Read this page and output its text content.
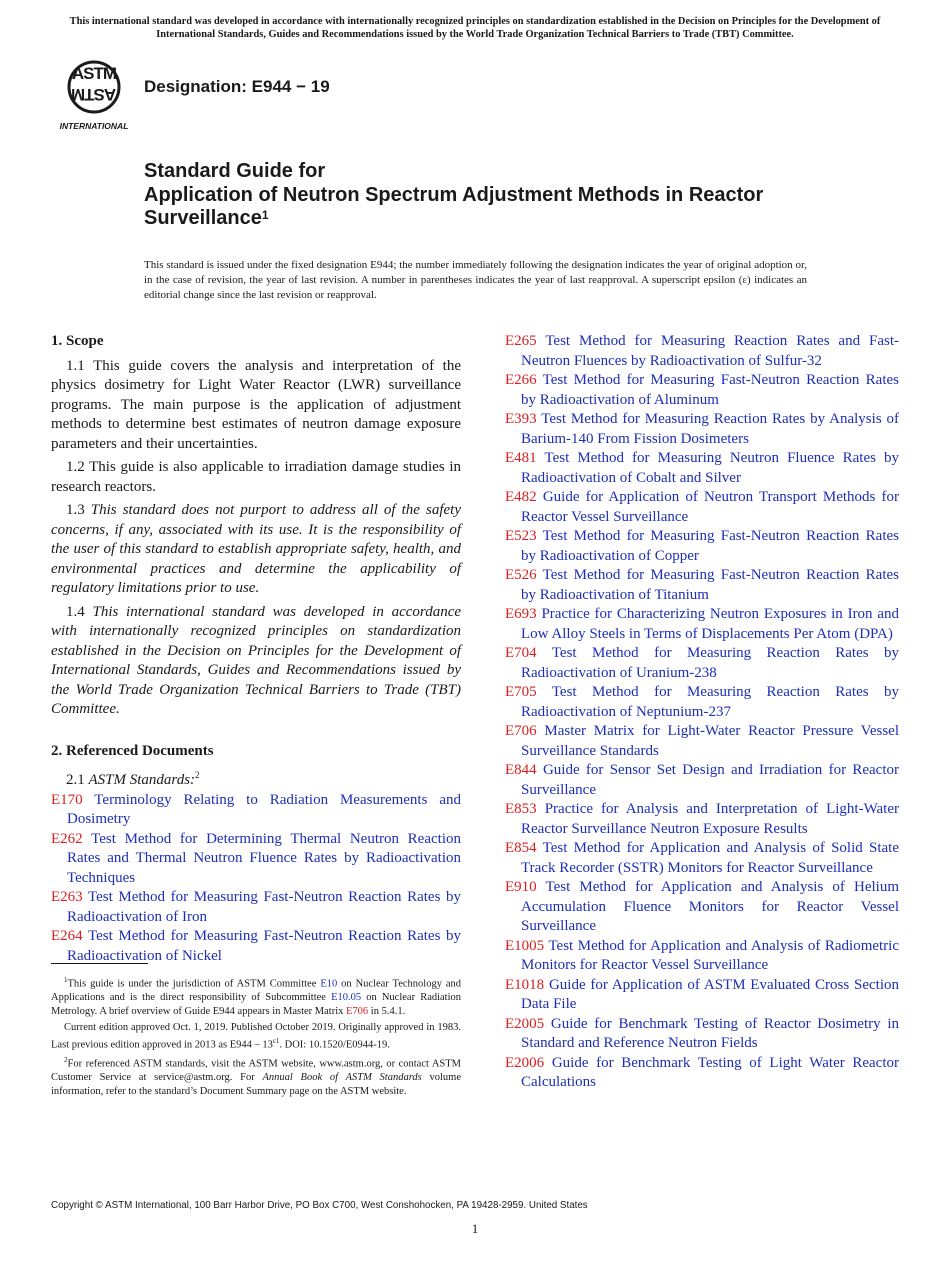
This international standard was developed in accordance with internationally recognized principles on standardization established in the Decision on Principles for the Development of International Standards, Guides and Recommendations issued by the World Trade Organization Technical Barriers to Trade (TBT) Committee.
ASTM
ASTM
INTERNATIONAL
Designation: E944 − 19
Standard Guide for
Application of Neutron Spectrum Adjustment Methods in Reactor Surveillance$^1$
This standard is issued under the fixed designation E944; the number immediately following the designation indicates the year of original adoption or, in the case of revision, the year of last revision. A number in parentheses indicates the year of last reapproval. A superscript epsilon (ε) indicates an editorial change since the last revision or reapproval.
1. Scope

1.1 This guide covers the analysis and interpretation of the physics dosimetry for Light Water Reactor (LWR) surveillance programs. The main purpose is the application of adjustment methods to determine best estimates of neutron damage exposure parameters and their uncertainties.

1.2 This guide is also applicable to irradiation damage studies in research reactors.

1.3 This standard does not purport to address all of the safety concerns, if any, associated with its use. It is the responsibility of the user of this standard to establish appropriate safety, health, and environmental practices and determine the applicability of regulatory limitations prior to use.

1.4 This international standard was developed in accordance with internationally recognized principles on standardization established in the Decision on Principles for the Development of International Standards, Guides and Recommendations issued by the World Trade Organization Technical Barriers to Trade (TBT) Committee.

2. Referenced Documents
2.1 ASTM Standards:$^2$

E170 Terminology Relating to Radiation Measurements and Dosimetry

E262 Test Method for Determining Thermal Neutron Reaction Rates and Thermal Neutron Fluence Rates by Radioactivation Techniques

E263 Test Method for Measuring Fast-Neutron Reaction Rates by Radioactivation of Iron

E264 Test Method for Measuring Fast-Neutron Reaction Rates by Radioactivation of Nickel

E265 Test Method for Measuring Reaction Rates and Fast-Neutron Fluences by Radioactivation of Sulfur-32

E266 Test Method for Measuring Fast-Neutron Reaction Rates by Radioactivation of Aluminum

E393 Test Method for Measuring Reaction Rates by Analysis of Barium-140 From Fission Dosimeters

E481 Test Method for Measuring Neutron Fluence Rates by Radioactivation of Cobalt and Silver

E482 Guide for Application of Neutron Transport Methods for Reactor Vessel Surveillance

E523 Test Method for Measuring Fast-Neutron Reaction Rates by Radioactivation of Copper

E526 Test Method for Measuring Fast-Neutron Reaction Rates by Radioactivation of Titanium

E693 Practice for Characterizing Neutron Exposures in Iron and Low Alloy Steels in Terms of Displacements Per Atom (DPA)

E704 Test Method for Measuring Reaction Rates by Radioactivation of Uranium-238

E705 Test Method for Measuring Reaction Rates by Radioactivation of Neptunium-237

E706 Master Matrix for Light-Water Reactor Pressure Vessel Surveillance Standards

E844 Guide for Sensor Set Design and Irradiation for Reactor Surveillance

E853 Practice for Analysis and Interpretation of Light-Water Reactor Surveillance Neutron Exposure Results

E854 Test Method for Application and Analysis of Solid State Track Recorder (SSTR) Monitors for Reactor Surveillance

E910 Test Method for Application and Analysis of Helium Accumulation Fluence Monitors for Reactor Vessel Surveillance

E1005 Test Method for Application and Analysis of Radiometric Monitors for Reactor Vessel Surveillance

E1018 Guide for Application of ASTM Evaluated Cross Section Data File

E2005 Guide for Benchmark Testing of Reactor Dosimetry in Standard and Reference Neutron Fields

E2006 Guide for Benchmark Testing of Light Water Reactor Calculations

$^1$This guide is under the jurisdiction of ASTM Committee E10 on Nuclear Technology and Applications and is the direct responsibility of Subcommittee E10.05 on Nuclear Radiation Metrology. A brief overview of Guide E944 appears in Master Matrix E706 in 5.4.1.

Current edition approved Oct. 1, 2019. Published October 2019. Originally approved in 1983. Last previous edition approved in 2013 as $E944 - 13^{\varepsilon 1}$. DOI: 10.1520/E0944-19.

$^2$For referenced ASTM standards, visit the ASTM website, www.astm.org, or contact ASTM Customer Service at service@astm.org. For Annual Book of ASTM Standards volume information, refer to the standard’s Document Summary page on the ASTM website.

Copyright © ASTM International, 100 Barr Harbor Drive, PO Box C700, West Conshohocken, PA 19428-2959. United States
1
